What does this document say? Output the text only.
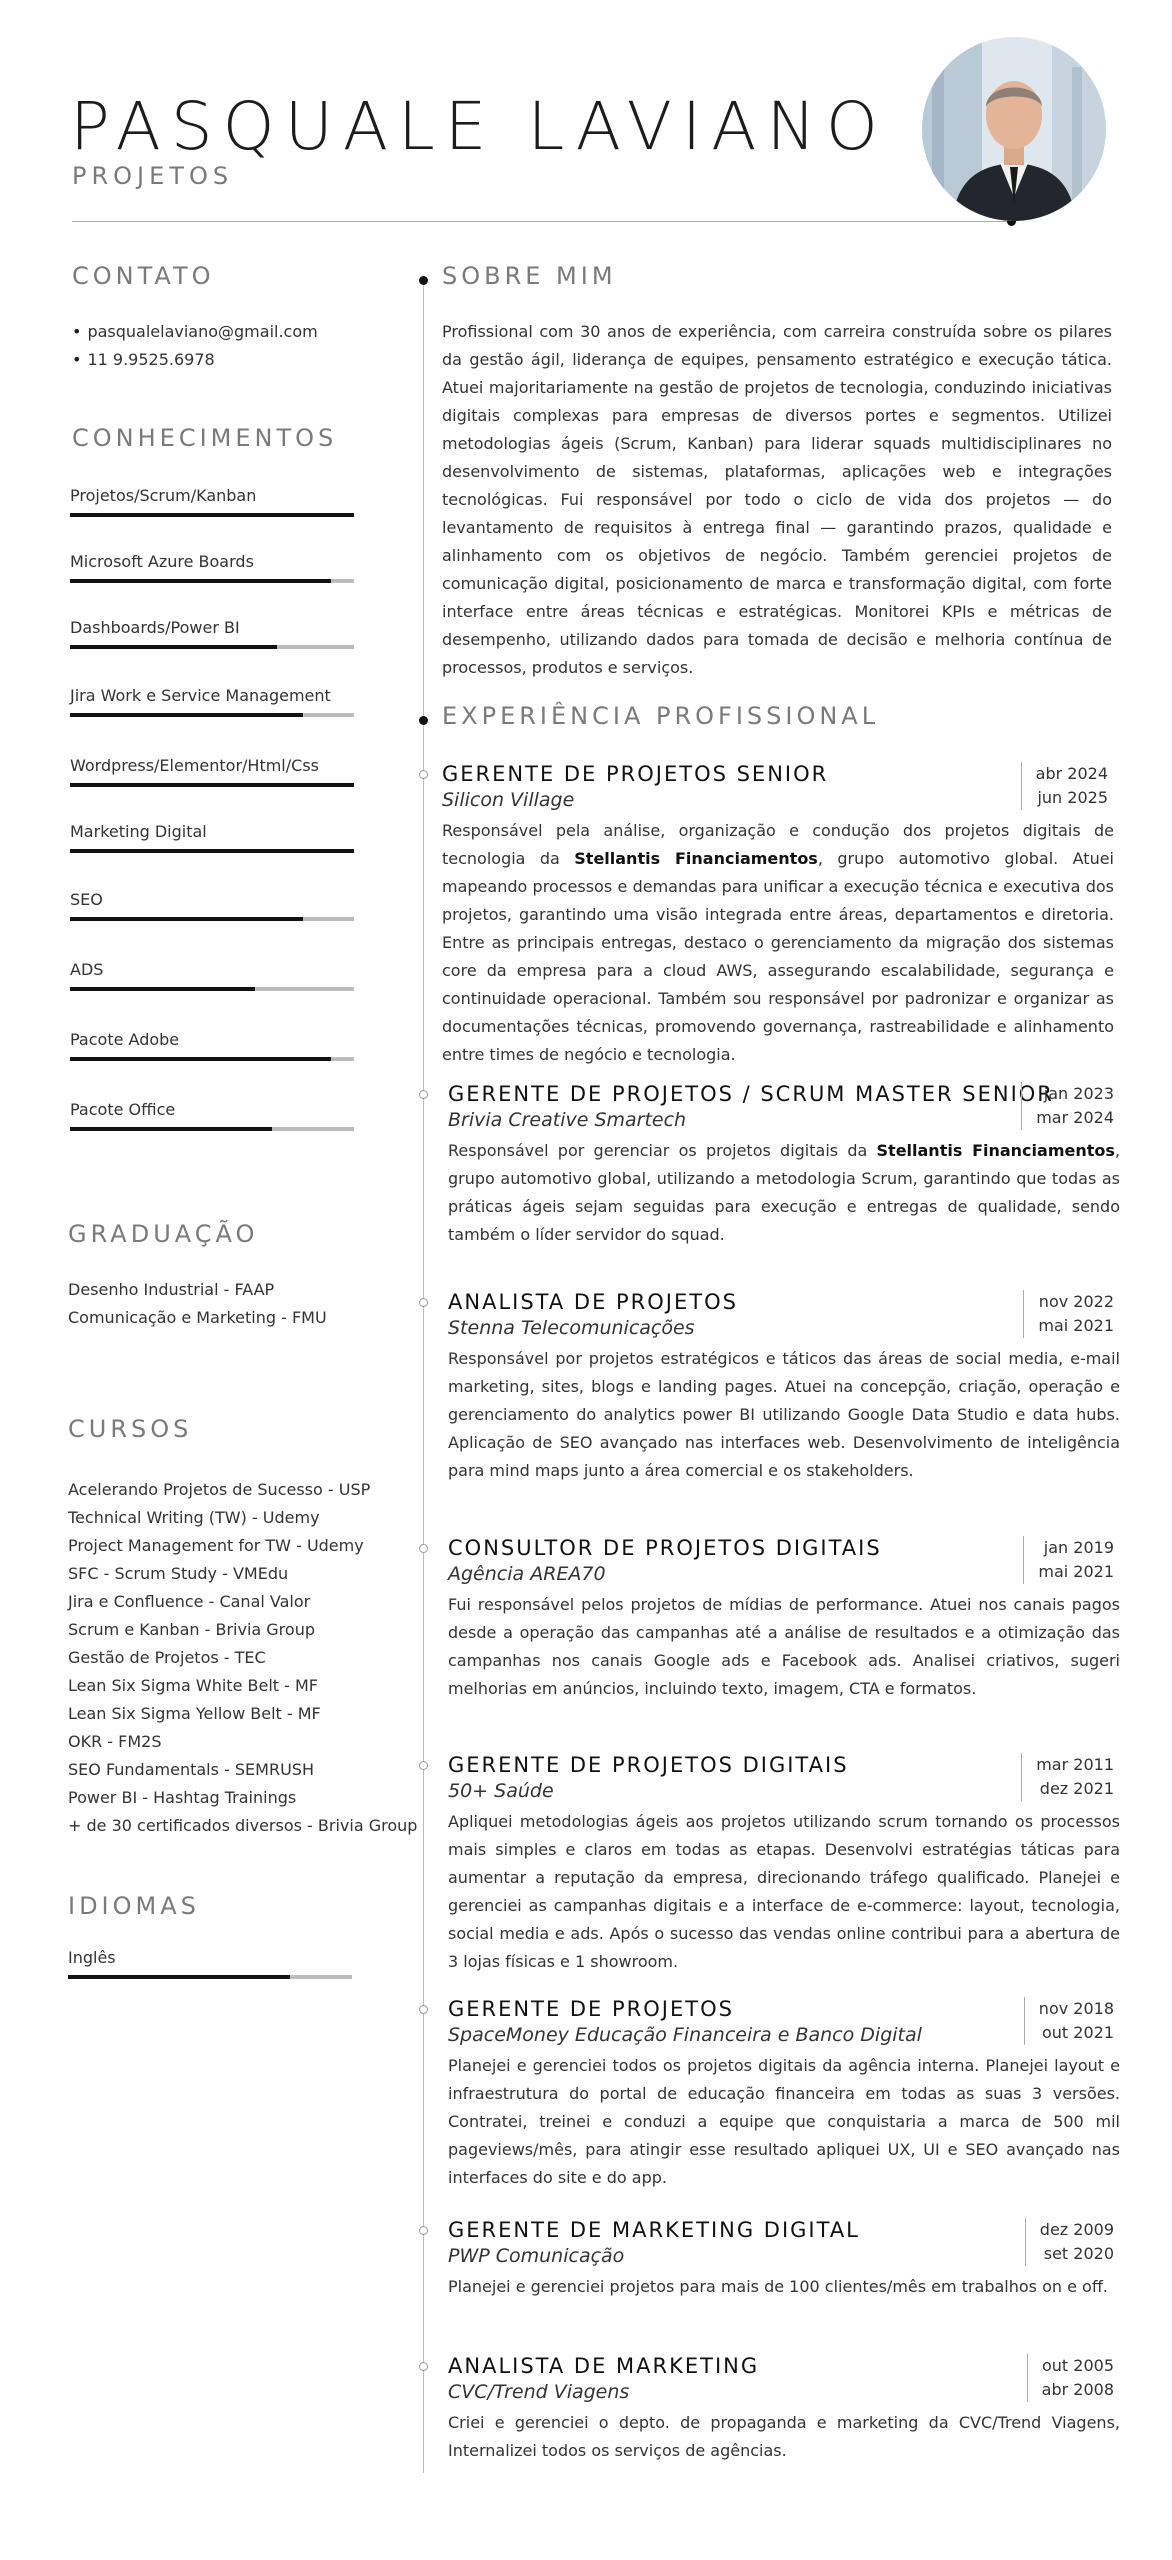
PASQUALE LAVIANO
PROJETOS
CONTATO
• pasqualelaviano@gmail.com
• 11 9.9525.6978
CONHECIMENTOS
Projetos/Scrum/Kanban
Microsoft Azure Boards
Dashboards/Power BI
Jira Work e Service Management
Wordpress/Elementor/Html/Css
Marketing Digital
SEO
ADS
Pacote Adobe
Pacote Office
GRADUAÇÃO
Desenho Industrial - FAAP
Comunicação e Marketing - FMU
CURSOS
Acelerando Projetos de Sucesso - USP
Technical Writing (TW) - Udemy
Project Management for TW - Udemy
SFC - Scrum Study - VMEdu
Jira e Confluence - Canal Valor
Scrum e Kanban - Brivia Group
Gestão de Projetos - TEC
Lean Six Sigma White Belt - MF
Lean Six Sigma Yellow Belt - MF
OKR - FM2S
SEO Fundamentals - SEMRUSH
Power BI - Hashtag Trainings
+ de 30 certificados diversos - Brivia Group
IDIOMAS
Inglês
SOBRE MIM
Profissional com 30 anos de experiência, com carreira construída sobre os pilares da gestão ágil, liderança de equipes, pensamento estratégico e execução tática. Atuei majoritariamente na gestão de projetos de tecnologia, conduzindo iniciativas digitais complexas para empresas de diversos portes e segmentos. Utilizei metodologias ágeis (Scrum, Kanban) para liderar squads multidisciplinares no desenvolvimento de sistemas, plataformas, aplicações web e integrações tecnológicas. Fui responsável por todo o ciclo de vida dos projetos — do levantamento de requisitos à entrega final — garantindo prazos, qualidade e alinhamento com os objetivos de negócio. Também gerenciei projetos de comunicação digital, posicionamento de marca e transformação digital, com forte interface entre áreas técnicas e estratégicas. Monitorei KPIs e métricas de desempenho, utilizando dados para tomada de decisão e melhoria contínua de processos, produtos e serviços.
EXPERIÊNCIA PROFISSIONAL
GERENTE DE PROJETOS SENIOR
Silicon Village
abr 2024
jun 2025
Responsável pela análise, organização e condução dos projetos digitais de tecnologia da Stellantis Financiamentos, grupo automotivo global. Atuei mapeando processos e demandas para unificar a execução técnica e executiva dos projetos, garantindo uma visão integrada entre áreas, departamentos e diretoria. Entre as principais entregas, destaco o gerenciamento da migração dos sistemas core da empresa para a cloud AWS, assegurando escalabilidade, segurança e continuidade operacional. Também sou responsável por padronizar e organizar as documentações técnicas, promovendo governança, rastreabilidade e alinhamento entre times de negócio e tecnologia.
GERENTE DE PROJETOS / SCRUM MASTER SENIOR
Brivia Creative Smartech
jan 2023
mar 2024
Responsável por gerenciar os projetos digitais da Stellantis Financiamentos, grupo automotivo global, utilizando a metodologia Scrum, garantindo que todas as práticas ágeis sejam seguidas para execução e entregas de qualidade, sendo também o líder servidor do squad.
ANALISTA DE PROJETOS
Stenna Telecomunicações
nov 2022
mai 2021
Responsável por projetos estratégicos e táticos das áreas de social media, e-mail marketing, sites, blogs e landing pages. Atuei na concepção, criação, operação e gerenciamento do analytics power BI utilizando Google Data Studio e data hubs. Aplicação de SEO avançado nas interfaces web. Desenvolvimento de inteligência para mind maps junto a área comercial e os stakeholders.
CONSULTOR DE PROJETOS DIGITAIS
Agência AREA70
jan 2019
mai 2021
Fui responsável pelos projetos de mídias de performance. Atuei nos canais pagos desde a operação das campanhas até a análise de resultados e a otimização das campanhas nos canais Google ads e Facebook ads. Analisei criativos, sugeri melhorias em anúncios, incluindo texto, imagem, CTA e formatos.
GERENTE DE PROJETOS DIGITAIS
50+ Saúde
mar 2011
dez 2021
Apliquei metodologias ágeis aos projetos utilizando scrum tornando os processos mais simples e claros em todas as etapas. Desenvolvi estratégias táticas para aumentar a reputação da empresa, direcionando tráfego qualificado. Planejei e gerenciei as campanhas digitais e a interface de e-commerce: layout, tecnologia, social media e ads. Após o sucesso das vendas online contribui para a abertura de 3 lojas físicas e 1 showroom.
GERENTE DE PROJETOS
SpaceMoney Educação Financeira e Banco Digital
nov 2018
out 2021
Planejei e gerenciei todos os projetos digitais da agência interna. Planejei layout e infraestrutura do portal de educação financeira em todas as suas 3 versões. Contratei, treinei e conduzi a equipe que conquistaria a marca de 500 mil pageviews/mês, para atingir esse resultado apliquei UX, UI e SEO avançado nas interfaces do site e do app.
GERENTE DE MARKETING DIGITAL
PWP Comunicação
dez 2009
set 2020
Planejei e gerenciei projetos para mais de 100 clientes/mês em trabalhos on e off.
ANALISTA DE MARKETING
CVC/Trend Viagens
out 2005
abr 2008
Criei e gerenciei o depto. de propaganda e marketing da CVC/Trend Viagens, Internalizei todos os serviços de agências.
